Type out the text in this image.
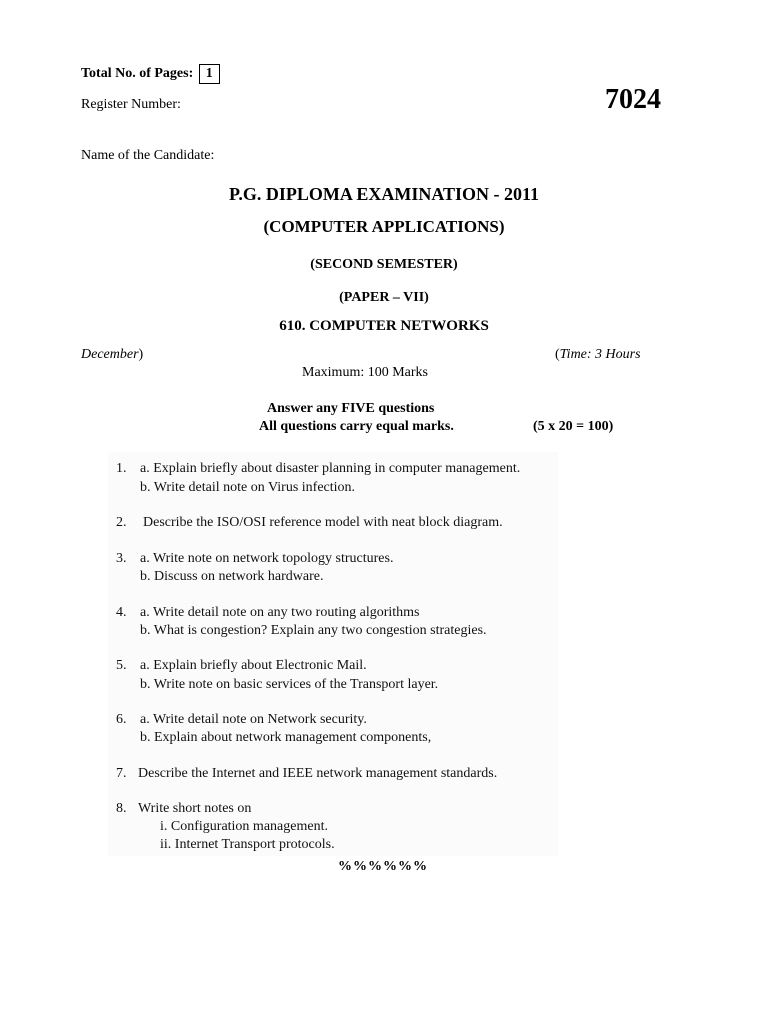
Total No. of Pages: 1
Register Number:	7024
Name of the Candidate:
P.G. DIPLOMA EXAMINATION - 2011
(COMPUTER APPLICATIONS)
(SECOND SEMESTER)
(PAPER – VII)
610. COMPUTER NETWORKS
December)	(Time: 3 Hours
Maximum: 100 Marks
Answer any FIVE questions
All questions carry equal marks.	(5 x 20 = 100)
1. a. Explain briefly about disaster planning in computer management.
b. Write detail note on Virus infection.
2.	Describe the ISO/OSI reference model with neat block diagram.
3. a. Write note on network topology structures.
b. Discuss on network hardware.
4. a. Write detail note on any two routing algorithms
b. What is congestion? Explain any two congestion strategies.
5. a. Explain briefly about Electronic Mail.
b. Write note on basic services of the Transport layer.
6. a. Write detail note on Network security.
b. Explain about network management components,
7. Describe the Internet and IEEE network management standards.
8. Write short notes on
i. Configuration management.
ii. Internet Transport protocols.
%%%%%%
